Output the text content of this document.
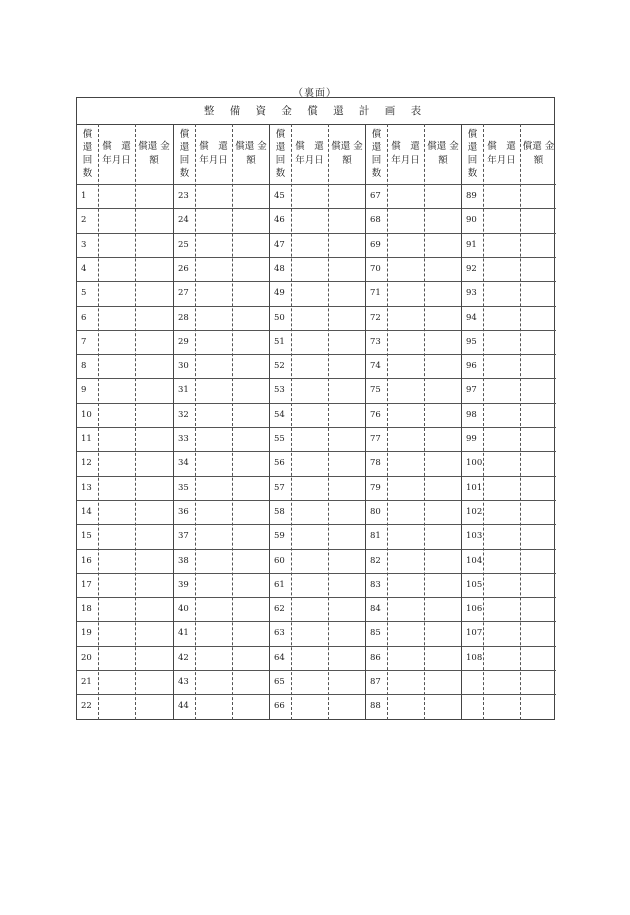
（裏面）
整 備 資 金 償 還 計 画 表
償還回数
償　還 年月日
償還 金額
1
2
3
4
5
6
7
8
9
10
11
12
13
14
15
16
17
18
19
20
21
22
償還回数
償　還 年月日
償還 金額
23
24
25
26
27
28
29
30
31
32
33
34
35
36
37
38
39
40
41
42
43
44
償還回数
償　還 年月日
償還 金額
45
46
47
48
49
50
51
52
53
54
55
56
57
58
59
60
61
62
63
64
65
66
償還回数
償　還 年月日
償還 金額
67
68
69
70
71
72
73
74
75
76
77
78
79
80
81
82
83
84
85
86
87
88
償還回数
償　還 年月日
償還 金額
89
90
91
92
93
94
95
96
97
98
99
100
101
102
103
104
105
106
107
108
